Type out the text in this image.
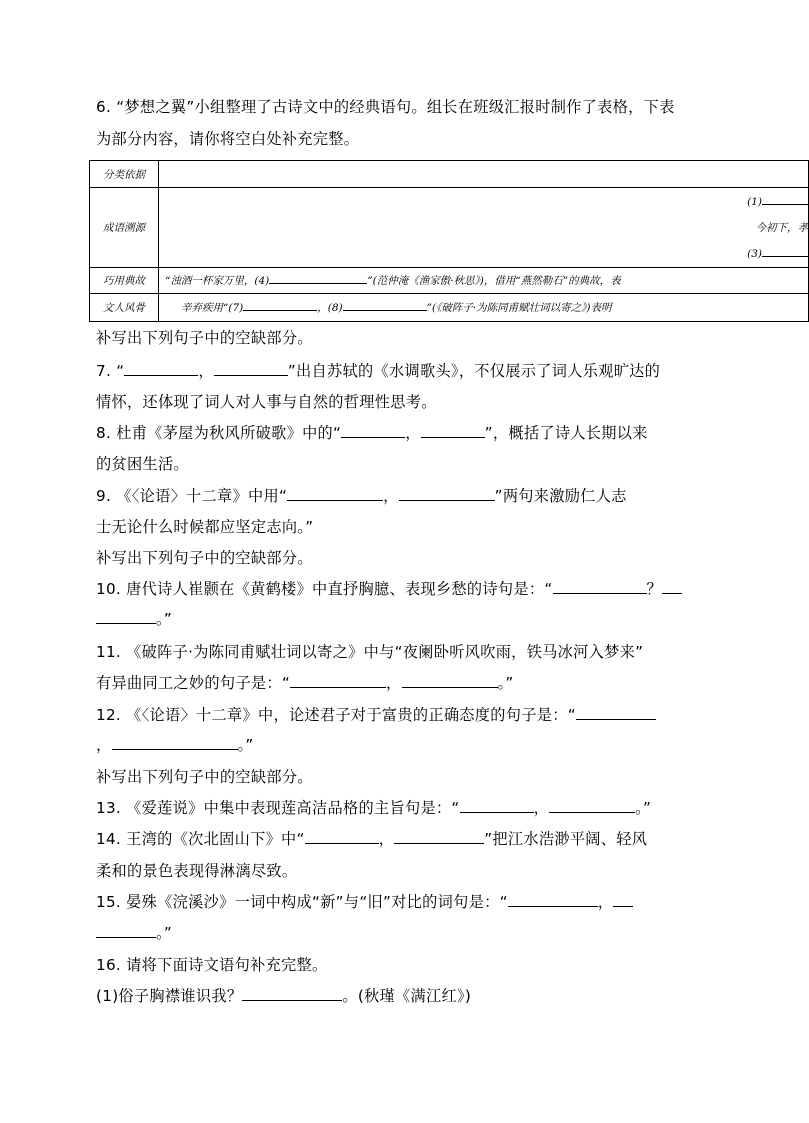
6. “梦想之翼”小组整理了古诗文中的经典语句。组长在班级汇报时制作了表格，下表
为部分内容，请你将空白处补充完整。
分类依据	
成语溯源	(1)
今初下，孝
(3)

巧用典故	“浊酒一杯家万里，(4) ”(范仲淹《渔家傲·秋思》)，借用“燕然勒石”的典故，表
文人风骨	辛弃疾用“(7) ，(8) ”(《破阵子·为陈同甫赋壮词以寄之》)表明
补写出下列句子中的空缺部分。
7. “	，	”出自苏轼的《水调歌头》，不仅展示了词人乐观旷达的
情怀，还体现了词人对人事与自然的哲理性思考。
8. 杜甫《茅屋为秋风所破歌》中的“	，	”，概括了诗人长期以来
的贫困生活。
9. 《〈论语〉十二章》中用“	，	”两句来激励仁人志
士无论什么时候都应坚定志向。”
补写出下列句子中的空缺部分。
10. 唐代诗人崔颢在《黄鹤楼》中直抒胸臆、表现乡愁的诗句是：“	？
。”
11. 《破阵子·为陈同甫赋壮词以寄之》中与“夜阑卧听风吹雨，铁马冰河入梦来”
有异曲同工之妙的句子是：“	，	。”
12. 《〈论语〉十二章》中，论述君子对于富贵的正确态度的句子是：“
，	。”
补写出下列句子中的空缺部分。
13. 《爱莲说》中集中表现莲高洁品格的主旨句是：“	，	。”
14. 王湾的《次北固山下》中“	，	”把江水浩渺平阔、轻风
柔和的景色表现得淋漓尽致。
15. 晏殊《浣溪沙》一词中构成“新”与“旧”对比的词句是：“	，
。”
16. 请将下面诗文语句补充完整。
(1)俗子胸襟谁识我？	。(秋瑾《满江红》)
